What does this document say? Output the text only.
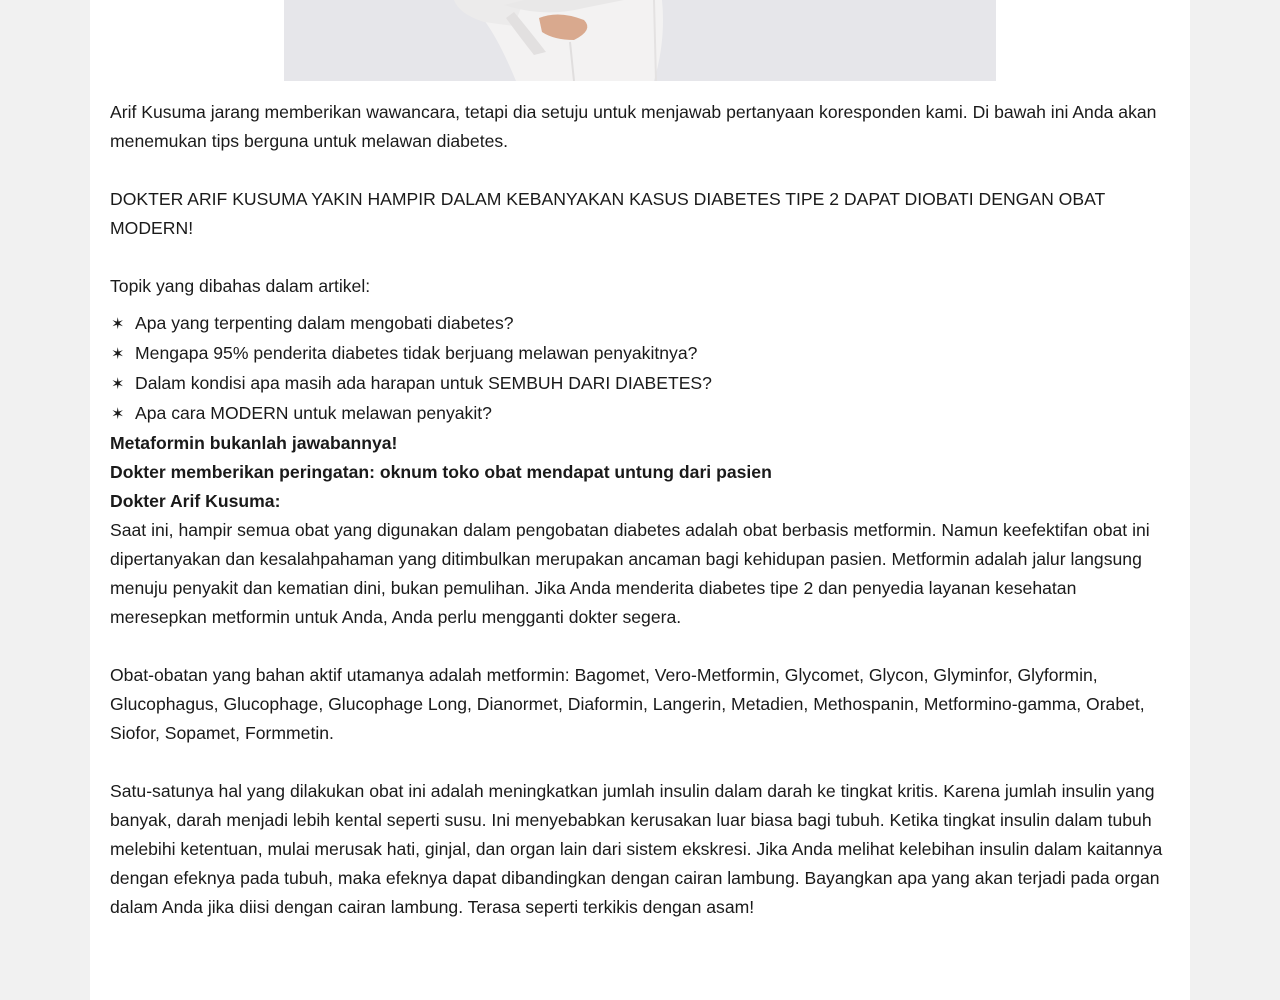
Arif Kusuma jarang memberikan wawancara, tetapi dia setuju untuk menjawab pertanyaan koresponden kami. Di bawah ini Anda akan menemukan tips berguna untuk melawan diabetes.

DOKTER ARIF KUSUMA YAKIN HAMPIR DALAM KEBANYAKAN KASUS DIABETES TIPE 2 DAPAT DIOBATI DENGAN OBAT MODERN!

Topik yang dibahas dalam artikel:

✶ Apa yang terpenting dalam mengobati diabetes?
✶ Mengapa 95% penderita diabetes tidak berjuang melawan penyakitnya?
✶ Dalam kondisi apa masih ada harapan untuk SEMBUH DARI DIABETES?
✶ Apa cara MODERN untuk melawan penyakit?

Metaformin bukanlah jawabannya!

Dokter memberikan peringatan: oknum toko obat mendapat untung dari pasien

Dokter Arif Kusuma:

Saat ini, hampir semua obat yang digunakan dalam pengobatan diabetes adalah obat berbasis metformin. Namun keefektifan obat ini dipertanyakan dan kesalahpahaman yang ditimbulkan merupakan ancaman bagi kehidupan pasien. Metformin adalah jalur langsung menuju penyakit dan kematian dini, bukan pemulihan. Jika Anda menderita diabetes tipe 2 dan penyedia layanan kesehatan meresepkan metformin untuk Anda, Anda perlu mengganti dokter segera.

Obat-obatan yang bahan aktif utamanya adalah metformin: Bagomet, Vero-Metformin, Glycomet, Glycon, Glyminfor, Glyformin, Glucophagus, Glucophage, Glucophage Long, Dianormet, Diaformin, Langerin, Metadien, Methospanin, Metformino-gamma, Orabet, Siofor, Sopamet, Formmetin.

Satu-satunya hal yang dilakukan obat ini adalah meningkatkan jumlah insulin dalam darah ke tingkat kritis. Karena jumlah insulin yang banyak, darah menjadi lebih kental seperti susu. Ini menyebabkan kerusakan luar biasa bagi tubuh. Ketika tingkat insulin dalam tubuh melebihi ketentuan, mulai merusak hati, ginjal, dan organ lain dari sistem ekskresi. Jika Anda melihat kelebihan insulin dalam kaitannya dengan efeknya pada tubuh, maka efeknya dapat dibandingkan dengan cairan lambung. Bayangkan apa yang akan terjadi pada organ dalam Anda jika diisi dengan cairan lambung. Terasa seperti terkikis dengan asam!
